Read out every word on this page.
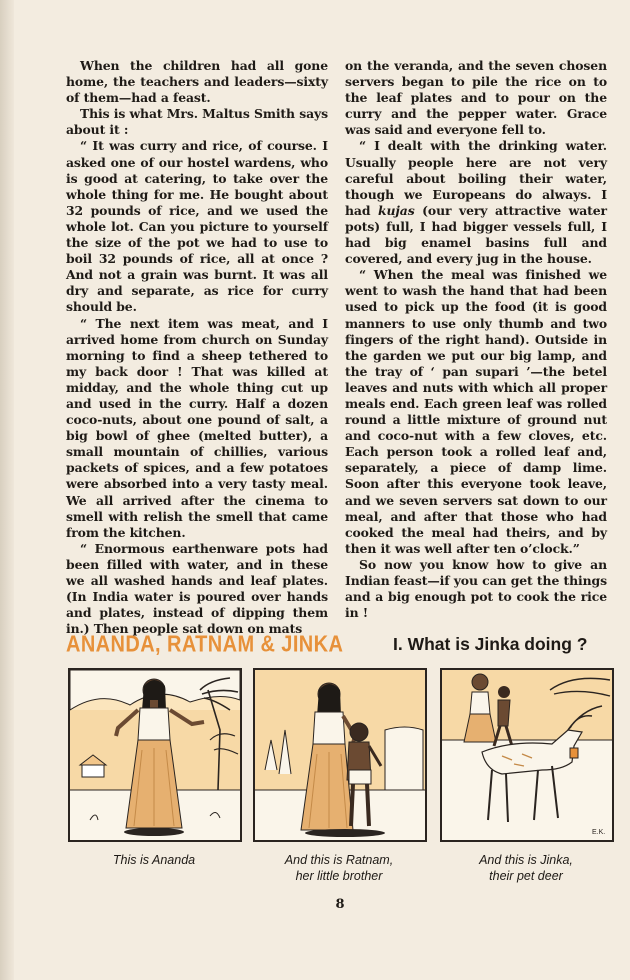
When the children had all gone home, the teachers and leaders—sixty of them—had a feast.

This is what Mrs. Maltus Smith says about it :

“ It was curry and rice, of course. I asked one of our hostel wardens, who is good at catering, to take over the whole thing for me. He bought about 32 pounds of rice, and we used the whole lot. Can you picture to yourself the size of the pot we had to use to boil 32 pounds of rice, all at once ? And not a grain was burnt. It was all dry and separate, as rice for curry should be.

“ The next item was meat, and I arrived home from church on Sunday morning to find a sheep tethered to my back door ! That was killed at midday, and the whole thing cut up and used in the curry. Half a dozen coco-nuts, about one pound of salt, a big bowl of ghee (melted butter), a small mountain of chillies, various packets of spices, and a few potatoes were absorbed into a very tasty meal. We all arrived after the cinema to smell with relish the smell that came from the kitchen.

“ Enormous earthenware pots had been filled with water, and in these we all washed hands and leaf plates. (In India water is poured over hands and plates, instead of dipping them in.) Then people sat down on mats

on the veranda, and the seven chosen servers began to pile the rice on to the leaf plates and to pour on the curry and the pepper water. Grace was said and everyone fell to.

“ I dealt with the drinking water. Usually people here are not very careful about boiling their water, though we Europeans do always. I had kujas (our very attractive water pots) full, I had bigger vessels full, I had big enamel basins full and covered, and every jug in the house.

“ When the meal was finished we went to wash the hand that had been used to pick up the food (it is good manners to use only thumb and two fingers of the right hand). Outside in the garden we put our big lamp, and the tray of ‘ pan supari ’—the betel leaves and nuts with which all proper meals end. Each green leaf was rolled round a little mixture of ground nut and coco-nut with a few cloves, etc. Each person took a rolled leaf and, separately, a piece of damp lime. Soon after this everyone took leave, and we seven servers sat down to our meal, and after that those who had cooked the meal had theirs, and by then it was well after ten o’clock.”

So now you know how to give an Indian feast—if you can get the things and a big enough pot to cook the rice in !

ANANDA, RATNAM & JINKA	I. What is Jinka doing ?
E.K.
This is Ananda	And this is Ratnam,
her little brother
And this is Jinka,
their pet deer
8
